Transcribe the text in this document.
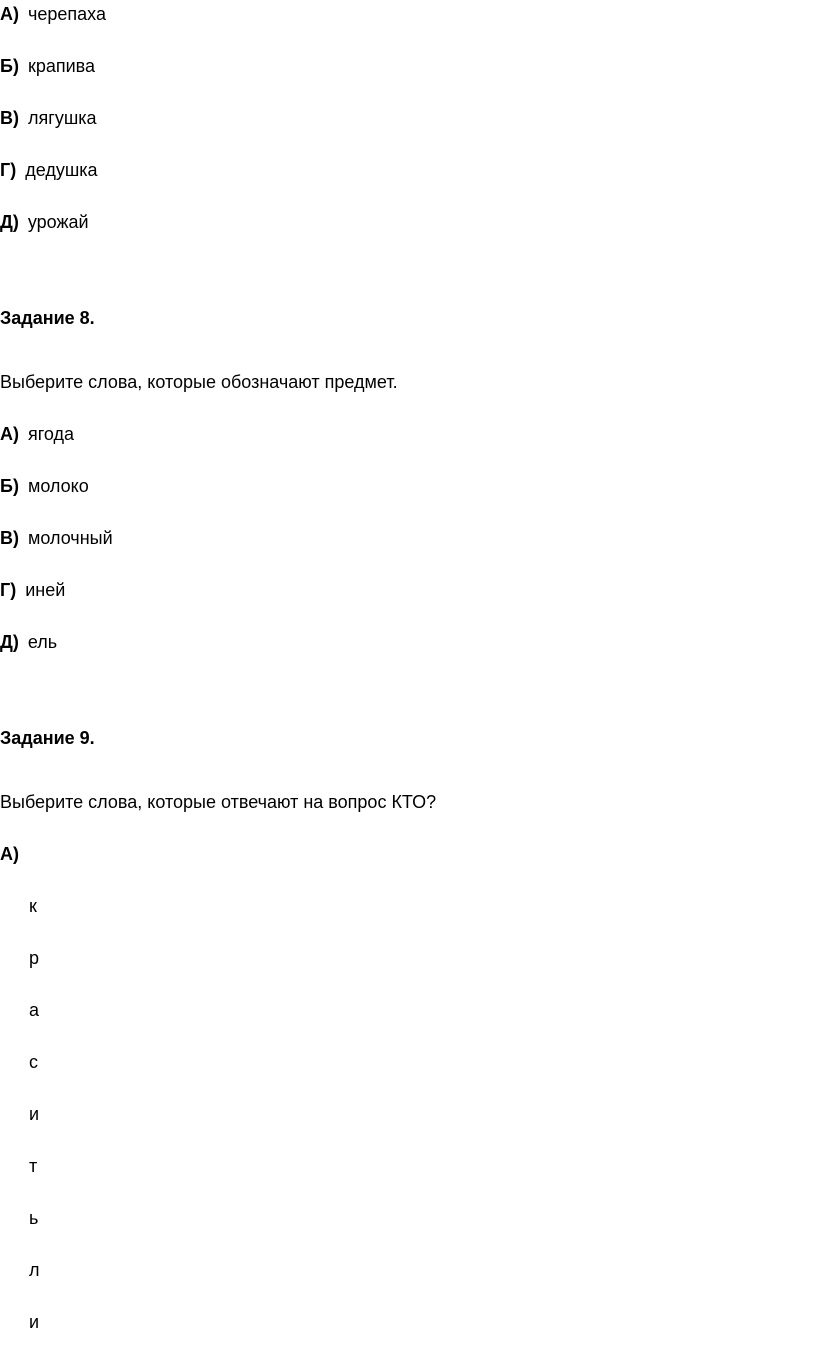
А) черепаха
Б) крапива
В) лягушка
Г) дедушка
Д) урожай
Задание 8.
Выберите слова, которые обозначают предмет.
А) ягода
Б) молоко
В) молочный
Г) иней
Д) ель
Задание 9.
Выберите слова, которые отвечают на вопрос КТО?
А)
к
р
а
с
и
т
ь
л
и
